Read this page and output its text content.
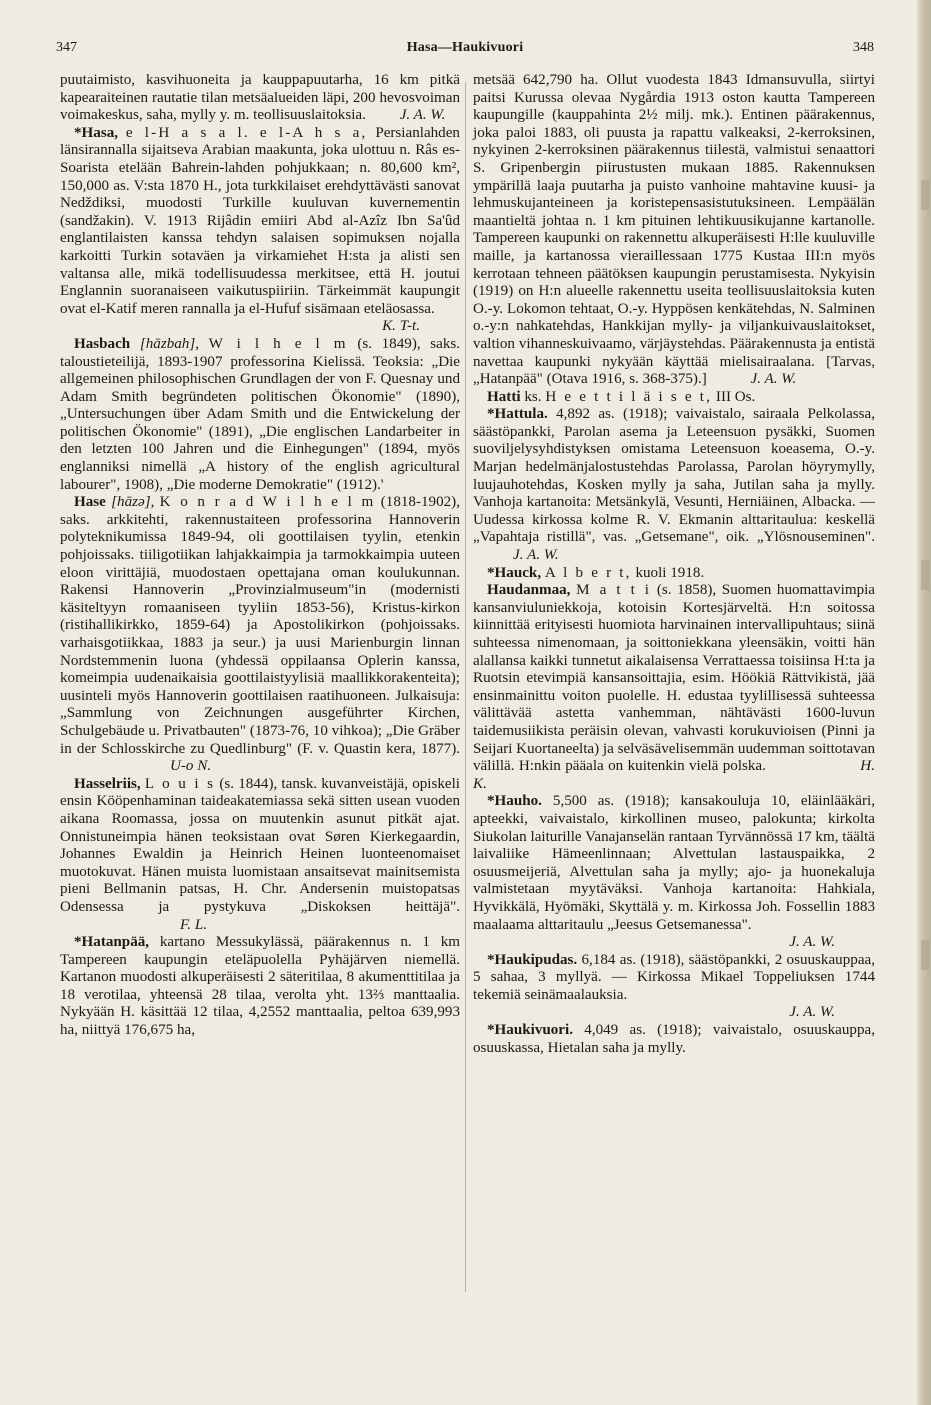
347	Hasa—Haukivuori	348

puutaimisto, kasvihuoneita ja kauppapuutarha, 16 km pitkä kapearaiteinen rautatie tilan metsäalueiden läpi, 200 hevosvoiman voimakeskus, saha, mylly y. m. teollisuuslaitoksia. J. A. W.

*Hasa, e l-H a s a l. e l-A h s a, Persianlahden länsirannalla sijaitseva Arabian maakunta, joka ulottuu n. Râs es-Soarista etelään Bahrein-lahden pohjukkaan; n. 80,600 km², 150,000 as. V:sta 1870 H., jota turkkilaiset erehdyttävästi sanovat Nedždiksi, muodosti Turkille kuuluvan kuvernementin (sandžakin). V. 1913 Rijâdin emiiri Abd al-Azîz Ibn Sa'ûd englantilaisten kanssa tehdyn salaisen sopimuksen nojalla karkoitti Turkin sotaväen ja virkamiehet H:sta ja alisti sen valtansa alle, mikä todellisuudessa merkitsee, että H. joutui Englannin suoranaiseen vaikutuspiiriin. Tärkeimmät kaupungit ovat el-Katif meren rannalla ja el-Hufuf sisämaan eteläosassa.
K. T-t.

Hasbach [hāzbah], W i l h e l m (s. 1849), saks. taloustieteilijä, 1893-1907 professorina Kielissä. Teoksia: „Die allgemeinen philosophischen Grundlagen der von F. Quesnay und Adam Smith begründeten politischen Ökonomie" (1890), „Untersuchungen über Adam Smith und die Entwickelung der politischen Ökonomie" (1891), „Die englischen Landarbeiter in den letzten 100 Jahren und die Einhegungen" (1894, myös englanniksi nimellä „A history of the english agricultural labourer", 1908), „Die moderne Demokratie" (1912).'

Hase [hāzə], K o n r a d W i l h e l m (1818-1902), saks. arkkitehti, rakennustaiteen professorina Hannoverin polyteknikumissa 1849-94, oli goottilaisen tyylin, etenkin pohjoissaks. tiiligotiikan lahjakkaimpia ja tarmokkaimpia uuteen eloon virittäjiä, muodostaen opettajana oman koulukunnan. Rakensi Hannoverin „Provinzialmuseum"in (modernisti käsiteltyyn romaaniseen tyyliin 1853-56), Kristus-kirkon (ristihallikirkko, 1859-64) ja Apostolikirkon (pohjoissaks. varhaisgotiikkaa, 1883 ja seur.) ja uusi Marienburgin linnan Nordstemmenin luona (yhdessä oppilaansa Oplerin kanssa, komeimpia uudenaikaisia goottilaistyylisiä maallikkorakenteita); uusinteli myös Hannoverin goottilaisen raatihuoneen. Julkaisuja: „Sammlung von Zeichnungen ausgeführter Kirchen, Schulgebäude u. Privatbauten" (1873-76, 10 vihkoa); „Die Gräber in der Schlosskirche zu Quedlinburg" (F. v. Quastin kera, 1877). U-o N.

Hasselriis, L o u i s (s. 1844), tansk. kuvanveistäjä, opiskeli ensin Kööpenhaminan taideakatemiassa sekä sitten usean vuoden aikana Roomassa, jossa on muutenkin asunut pitkät ajat. Onnistuneimpia hänen teoksistaan ovat Søren Kierkegaardin, Johannes Ewaldin ja Heinrich Heinen luonteenomaiset muotokuvat. Hänen muista luomistaan ansaitsevat mainitsemista pieni Bellmanin patsas, H. Chr. Andersenin muistopatsas Odensessa ja pystykuva „Diskoksen heittäjä". F. L.

*Hatanpää, kartano Messukylässä, päärakennus n. 1 km Tampereen kaupungin eteläpuolella Pyhäjärven niemellä. Kartanon muodosti alkuperäisesti 2 säteritilaa, 8 akumenttitilaa ja 18 verotilaa, yhteensä 28 tilaa, verolta yht. 13⅔ manttaalia. Nykyään H. käsittää 12 tilaa, 4,2552 manttaalia, peltoa 639,993 ha, niittyä 176,675 ha,

metsää 642,790 ha. Ollut vuodesta 1843 Idmansuvulla, siirtyi paitsi Kurussa olevaa Nygårdia 1913 oston kautta Tampereen kaupungille (kauppahinta 2½ milj. mk.). Entinen päärakennus, joka paloi 1883, oli puusta ja rapattu valkeaksi, 2-kerroksinen, nykyinen 2-kerroksinen päärakennus tiilestä, valmistui senaattori S. Gripenbergin piirustusten mukaan 1885. Rakennuksen ympärillä laaja puutarha ja puisto vanhoine mahtavine kuusi- ja lehmuskujanteineen ja koristepensasistutuksineen. Lempäälän maantieltä johtaa n. 1 km pituinen lehtikuusikujanne kartanolle. Tampereen kaupunki on rakennettu alkuperäisesti H:lle kuuluville maille, ja kartanossa vieraillessaan 1775 Kustaa III:n myös kerrotaan tehneen päätöksen kaupungin perustamisesta. Nykyisin (1919) on H:n alueelle rakennettu useita teollisuuslaitoksia kuten O.-y. Lokomon tehtaat, O.-y. Hyppösen kenkätehdas, N. Salminen o.-y:n nahkatehdas, Hankkijan mylly- ja viljankuivauslaitokset, valtion vihanneskuivaamo, värjäystehdas. Päärakennusta ja entistä navettaa kaupunki nykyään käyttää mielisairaalana. [Tarvas, „Hatanpää" (Otava 1916, s. 368-375).]	J. A. W.

Hatti ks. H e e t t i l ä i s e t, III Os.

*Hattula. 4,892 as. (1918); vaivaistalo, sairaala Pelkolassa, säästöpankki, Parolan asema ja Leteensuon pysäkki, Suomen suoviljelysyhdistyksen omistama Leteensuon koeasema, O.-y. Marjan hedelmänjalostustehdas Parolassa, Parolan höyrymylly, luujauhotehdas, Kosken mylly ja saha, Jutilan saha ja mylly. Vanhoja kartanoita: Metsänkylä, Vesunti, Herniäinen, Albacka. — Uudessa kirkossa kolme R. V. Ekmanin alttaritaulua: keskellä „Vapahtaja ristillä", vas. „Getsemane", oik. „Ylösnouseminen". J. A. W.

*Hauck, A l b e r t, kuoli 1918.

Haudanmaa, M a t t i (s. 1858), Suomen huomattavimpia kansanviuluniekkoja, kotoisin Kortesjärveltä. H:n soitossa kiinnittää erityisesti huomiota harvinainen intervallipuhtaus; siinä suhteessa nimenomaan, ja soittoniekkana yleensäkin, voitti hän alallansa kaikki tunnetut aikalaisensa Verrattaessa toisiinsa H:ta ja Ruotsin etevimpiä kansansoittajia, esim. Höökiä Rättvikistä, jää ensinmainittu voiton puolelle. H. edustaa tyylillisessä suhteessa välittävää astetta vanhemman, nähtävästi 1600-luvun taidemusiikista peräisin olevan, vahvasti korukuvioisen (Pinni ja Seijari Kuortaneelta) ja selväsävelisemmän uudemman soittotavan välillä. H:nkin pääala on kuitenkin vielä polska.	H. K.

*Hauho. 5,500 as. (1918); kansakouluja 10, eläinlääkäri, apteekki, vaivaistalo, kirkollinen museo, palokunta; kirkolta Siukolan laiturille Vanajanselän rantaan Tyrvännössä 17 km, täältä laivaliike Hämeenlinnaan; Alvettulan lastauspaikka, 2 osuusmeijeriä, Alvettulan saha ja mylly; ajo- ja huonekaluja valmistetaan myytäväksi. Vanhoja kartanoita: Hahkiala, Hyvikkälä, Hyömäki, Skyttälä y. m. Kirkossa Joh. Fossellin 1883 maalaama alttaritaulu „Jeesus Getsemanessa".
J. A. W.

*Haukipudas. 6,184 as. (1918), säästöpankki, 2 osuuskauppaa, 5 sahaa, 3 myllyä. — Kirkossa Mikael Toppeliuksen 1744 tekemiä seinämaalauksia.
J. A. W.

*Haukivuori. 4,049 as. (1918); vaivaistalo, osuuskauppa, osuuskassa, Hietalan saha ja mylly.
